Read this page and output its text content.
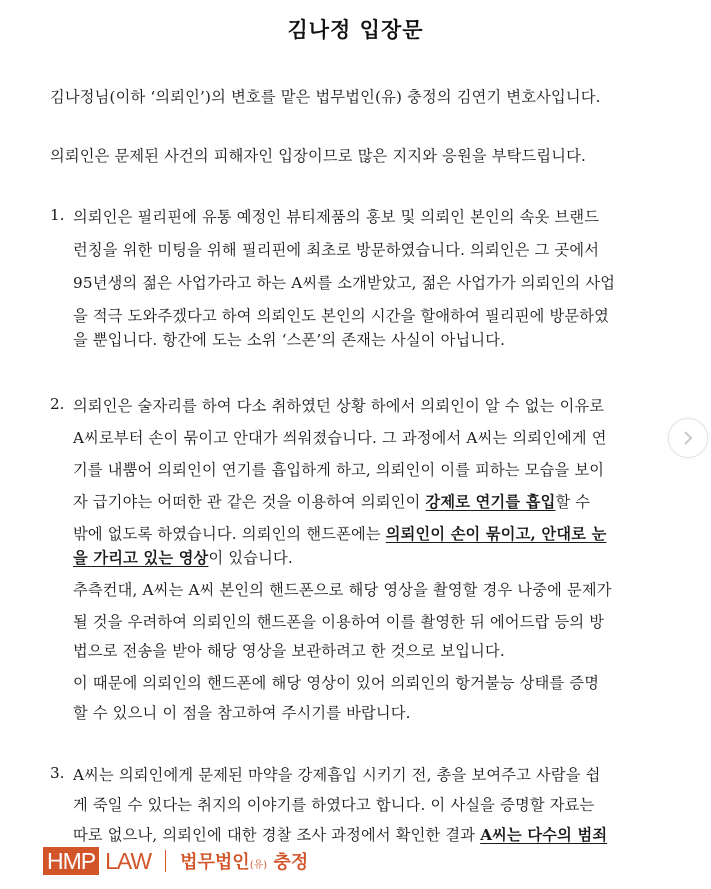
김나정 입장문
김나정님(이하 ‘의뢰인’)의 변호를 맡은 법무법인(유) 충정의 김연기 변호사입니다.
의뢰인은 문제된 사건의 피해자인 입장이므로 많은 지지와 응원을 부탁드립니다.
1. 의뢰인은 필리핀에 유통 예정인 뷰티제품의 홍보 및 의뢰인 본인의 속옷 브랜드
런칭을 위한 미팅을 위해 필리핀에 최초로 방문하였습니다. 의뢰인은 그 곳에서
95년생의 젊은 사업가라고 하는 A씨를 소개받았고, 젊은 사업가가 의뢰인의 사업
을 적극 도와주겠다고 하여 의뢰인도 본인의 시간을 할애하여 필리핀에 방문하였
을 뿐입니다. 항간에 도는 소위 ‘스폰’의 존재는 사실이 아닙니다.
2. 의뢰인은 술자리를 하여 다소 취하였던 상황 하에서 의뢰인이 알 수 없는 이유로
A씨로부터 손이 묶이고 안대가 씌워졌습니다. 그 과정에서 A씨는 의뢰인에게 연
기를 내뿜어 의뢰인이 연기를 흡입하게 하고, 의뢰인이 이를 피하는 모습을 보이
자 급기야는 어떠한 관 같은 것을 이용하여 의뢰인이 강제로 연기를 흡입할 수
밖에 없도록 하였습니다. 의뢰인의 핸드폰에는 의뢰인이 손이 묶이고, 안대로 눈
을 가리고 있는 영상이 있습니다.
추측컨대, A씨는 A씨 본인의 핸드폰으로 해당 영상을 촬영할 경우 나중에 문제가
될 것을 우려하여 의뢰인의 핸드폰을 이용하여 이를 촬영한 뒤 에어드랍 등의 방
법으로 전송을 받아 해당 영상을 보관하려고 한 것으로 보입니다.
이 때문에 의뢰인의 핸드폰에 해당 영상이 있어 의뢰인의 항거불능 상태를 증명
할 수 있으니 이 점을 참고하여 주시기를 바랍니다.
3. A씨는 의뢰인에게 문제된 마약을 강제흡입 시키기 전, 총을 보여주고 사람을 쉽
게 죽일 수 있다는 취지의 이야기를 하였다고 합니다. 이 사실을 증명할 자료는
따로 없으나, 의뢰인에 대한 경찰 조사 과정에서 확인한 결과 A씨는 다수의 범죄
HMP LAW 법무법인(유) 충정
